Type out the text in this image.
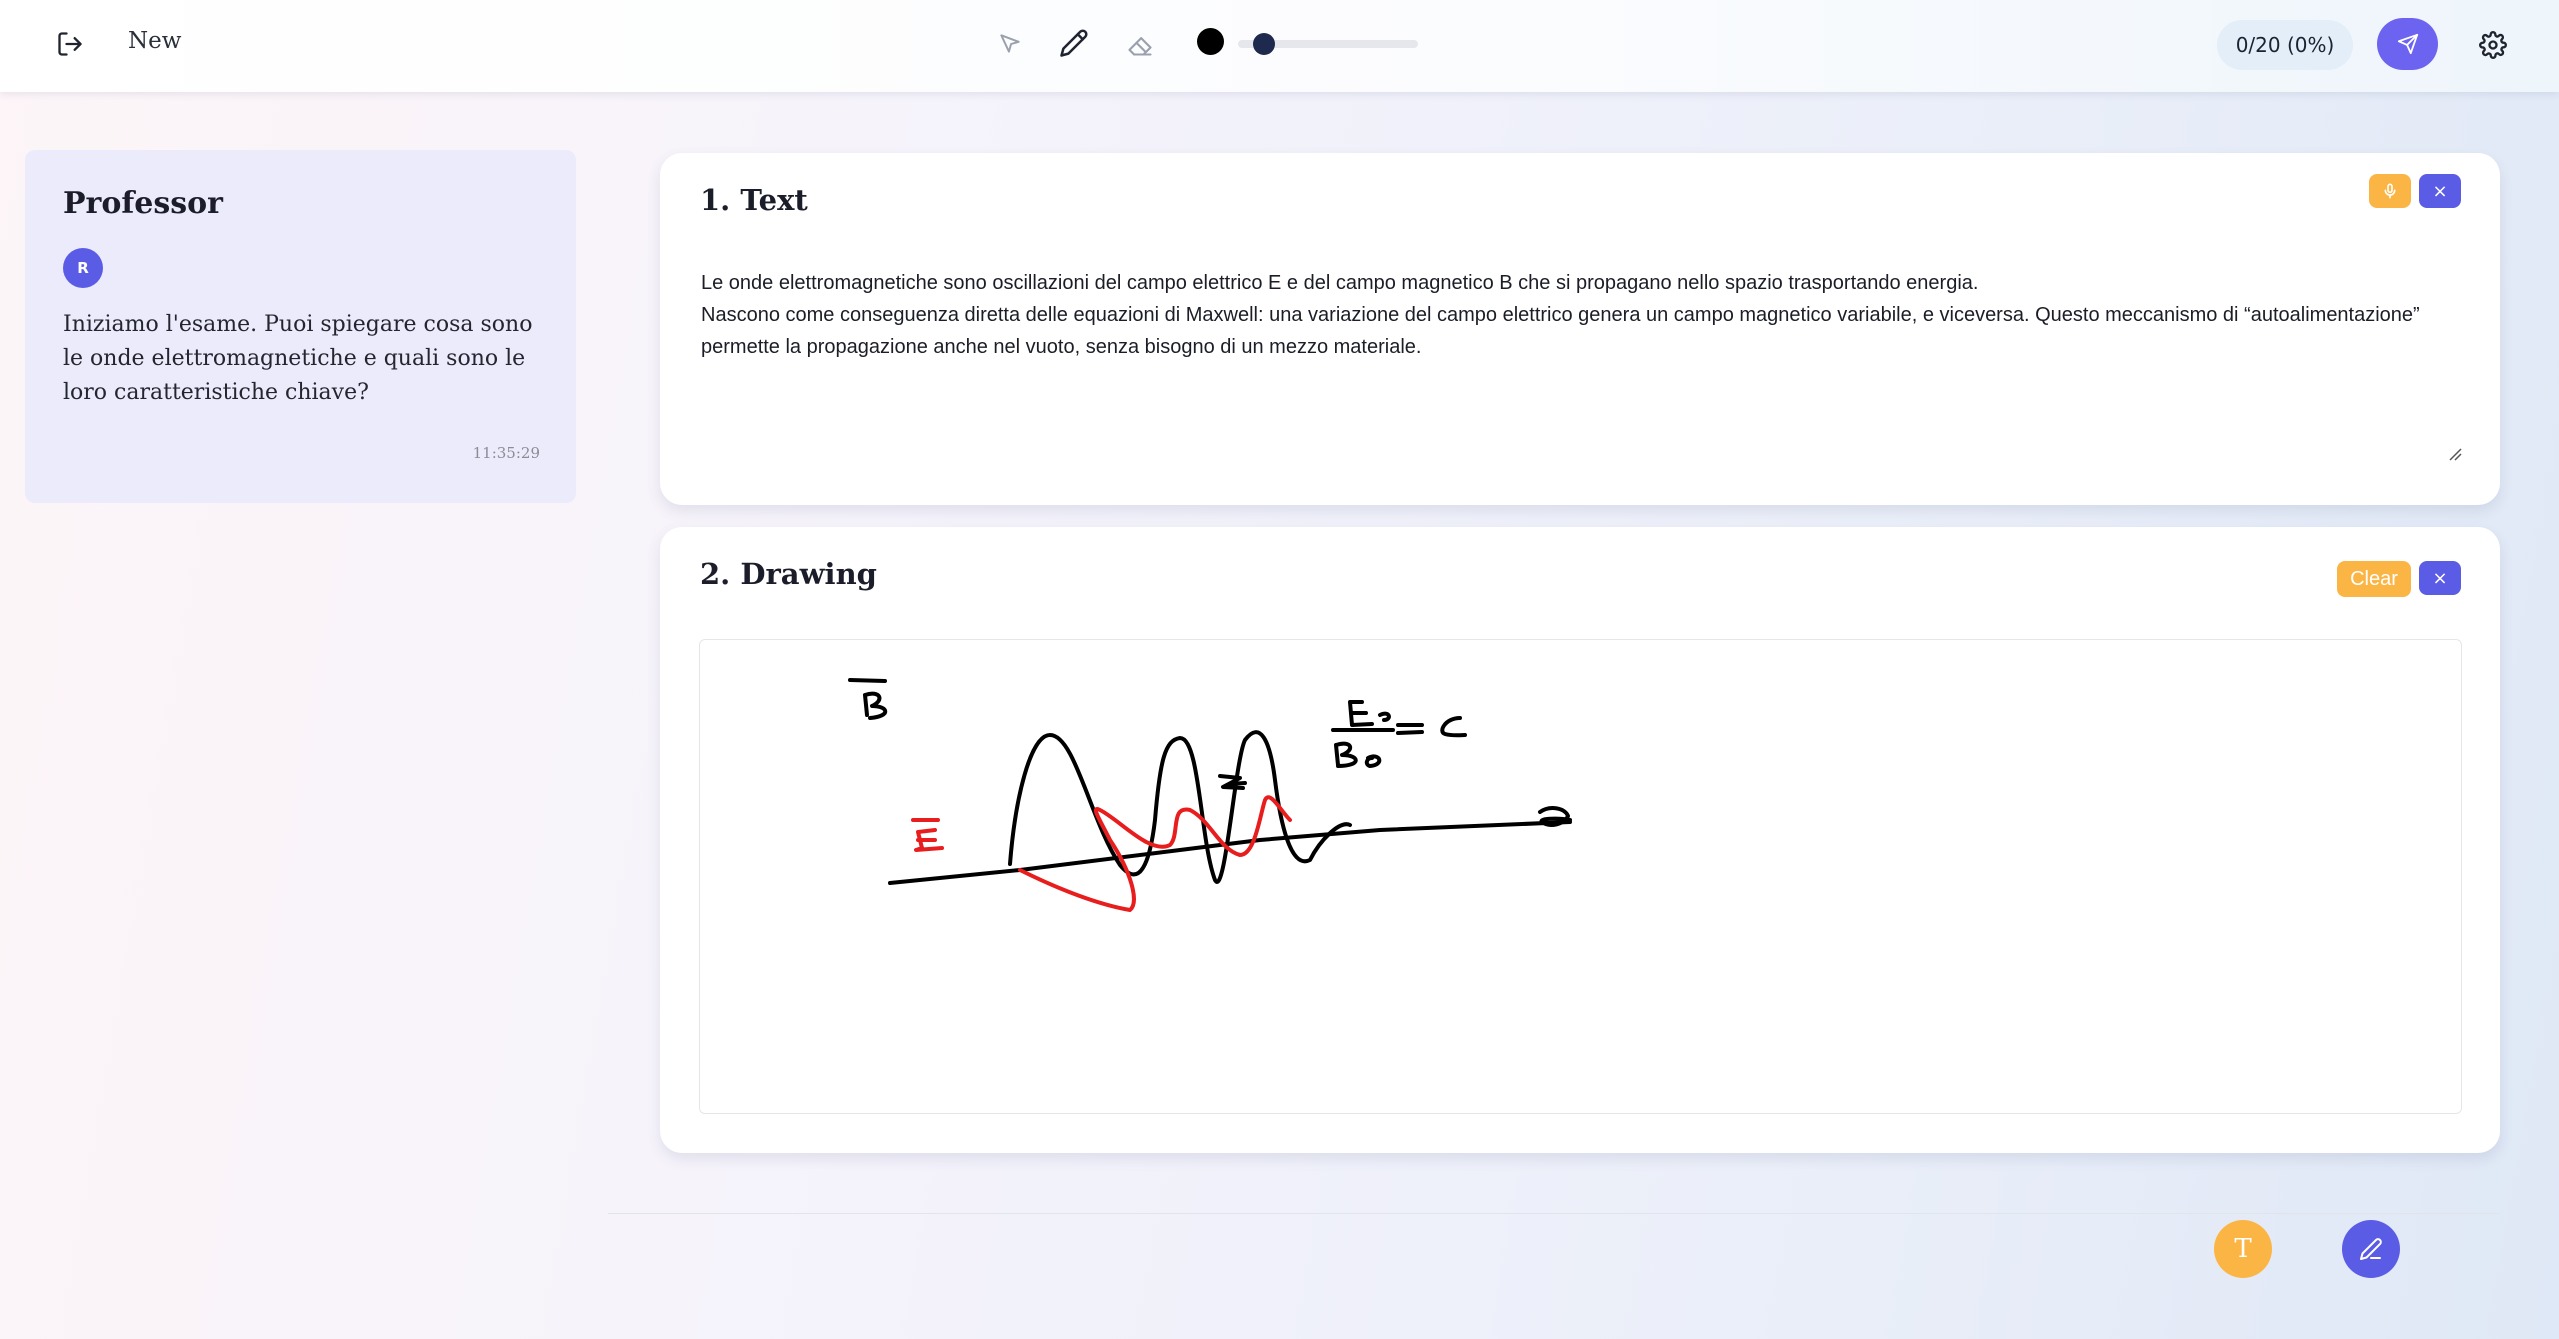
New	0/20 (0%)
Professor
R
Iniziamo l'esame. Puoi spiegare cosa sono le onde elettromagnetiche e quali sono le loro caratteristiche chiave?
11:35:29
1. Text	×

Le onde elettromagnetiche sono oscillazioni del campo elettrico E e del campo magnetico B che si propagano nello spazio trasportando energia.

Nascono come conseguenza diretta delle equazioni di Maxwell: una variazione del campo elettrico genera un campo magnetico variabile, e viceversa. Questo meccanismo di “autoalimentazione” permette la propagazione anche nel vuoto, senza bisogno di un mezzo materiale.

2. Drawing	Clear	×
T
